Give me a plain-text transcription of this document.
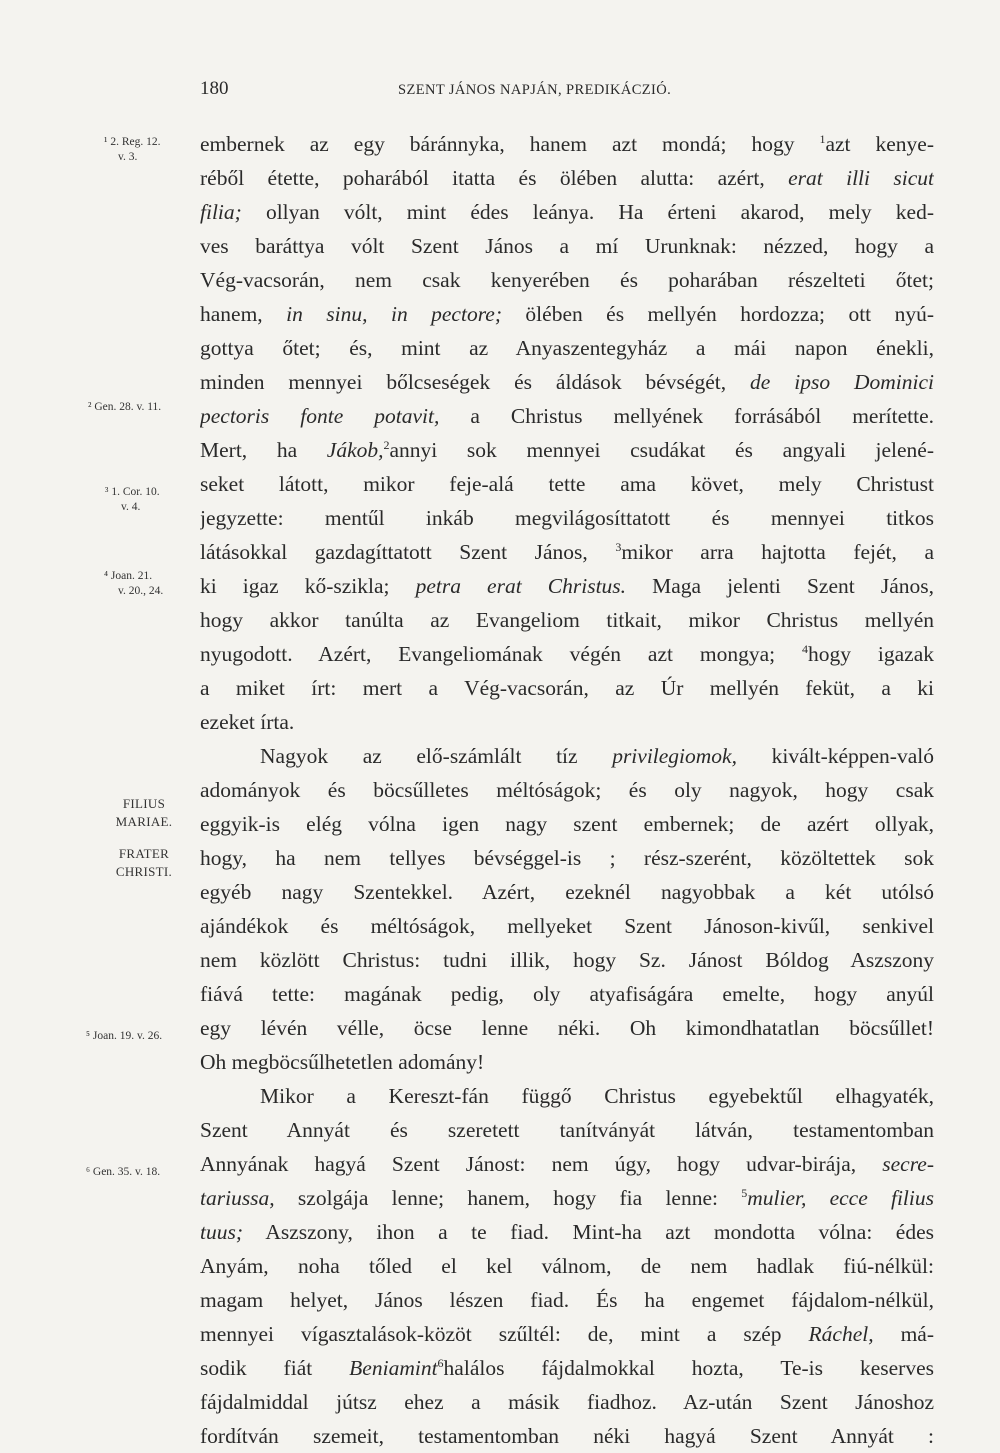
180	SZENT JÁNOS NAPJÁN, PREDIKÁCZIÓ.
¹ 2. Reg. 12.
v. 3.
² Gen. 28. v. 11.
³ 1. Cor. 10.
v. 4.
⁴ Joan. 21.
v. 20., 24.
FILIUS
MARIAE.
FRATER
CHRISTI.
⁵ Joan. 19. v. 26.
⁶ Gen. 35. v. 18.
embernek az egy báránnyka, hanem azt mondá; hogy $^1$azt kenye-
réből étette, poharából itatta és ölében alutta: azért, erat illi sicut
filia; ollyan vólt, mint édes leánya. Ha érteni akarod, mely ked-
ves baráttya vólt Szent János a mí Urunknak: nézzed, hogy a
Vég-vacsorán, nem csak kenyerében és poharában részelteti őtet;
hanem, in sinu, in pectore; ölében és mellyén hordozza; ott nyú-
gottya őtet; és, mint az Anyaszentegyház a mái napon énekli,
minden mennyei bőlcseségek és áldások bévségét, de ipso Dominici
pectoris fonte potavit, a Christus mellyének forrásából merítette.
Mert, ha Jákob,$^2$annyi sok mennyei csudákat és angyali jelené-
seket látott, mikor feje-alá tette ama követ, mely Christust
jegyzette: mentűl inkáb megvilágosíttatott és mennyei titkos
látásokkal gazdagíttatott Szent János, $^3$mikor arra hajtotta fejét, a
ki igaz kő-szikla; petra erat Christus. Maga jelenti Szent János,
hogy akkor tanúlta az Evangeliom titkait, mikor Christus mellyén
nyugodott. Azért, Evangeliomának végén azt mongya; $^4$hogy igazak
a miket írt: mert a Vég-vacsorán, az Úr mellyén feküt, a ki
ezeket írta.
Nagyok az elő-számlált tíz privilegiomok, kivált-képpen-való
adományok és böcsűlletes méltóságok; és oly nagyok, hogy csak
eggyik-is elég vólna igen nagy szent embernek; de azért ollyak,
hogy, ha nem tellyes bévséggel-is ; rész-szerént, közöltettek sok
egyéb nagy Szentekkel. Azért, ezeknél nagyobbak a két utólsó
ajándékok és méltóságok, mellyeket Szent Jánoson-kivűl, senkivel
nem közlött Christus: tudni illik, hogy Sz. Jánost Bóldog Aszszony
fiává tette: magának pedig, oly atyafiságára emelte, hogy anyúl
egy lévén vélle, öcse lenne néki. Oh kimondhatatlan böcsűllet!
Oh megböcsűlhetetlen adomány!
Mikor a Kereszt-fán függő Christus egyebektűl elhagyaték,
Szent Annyát és szeretett tanítványát látván, testamentomban
Annyának hagyá Szent Jánost: nem úgy, hogy udvar-birája, secre-
tariussa, szolgája lenne; hanem, hogy fia lenne: $^5$mulier, ecce filius
tuus; Aszszony, ihon a te fiad. Mint-ha azt mondotta vólna: édes
Anyám, noha tőled el kel válnom, de nem hadlak fiú-nélkül:
magam helyet, János lészen fiad. És ha engemet fájdalom-nélkül,
mennyei vígasztalások-közöt szűltél: de, mint a szép Ráchel, má-
sodik fiát Beniamint$^6$halálos fájdalmokkal hozta, Te-is keserves
fájdalmiddal jútsz ehez a másik fiadhoz. Az-után Szent Jánoshoz
fordítván szemeit, testamentomban néki hagyá Szent Annyát :
